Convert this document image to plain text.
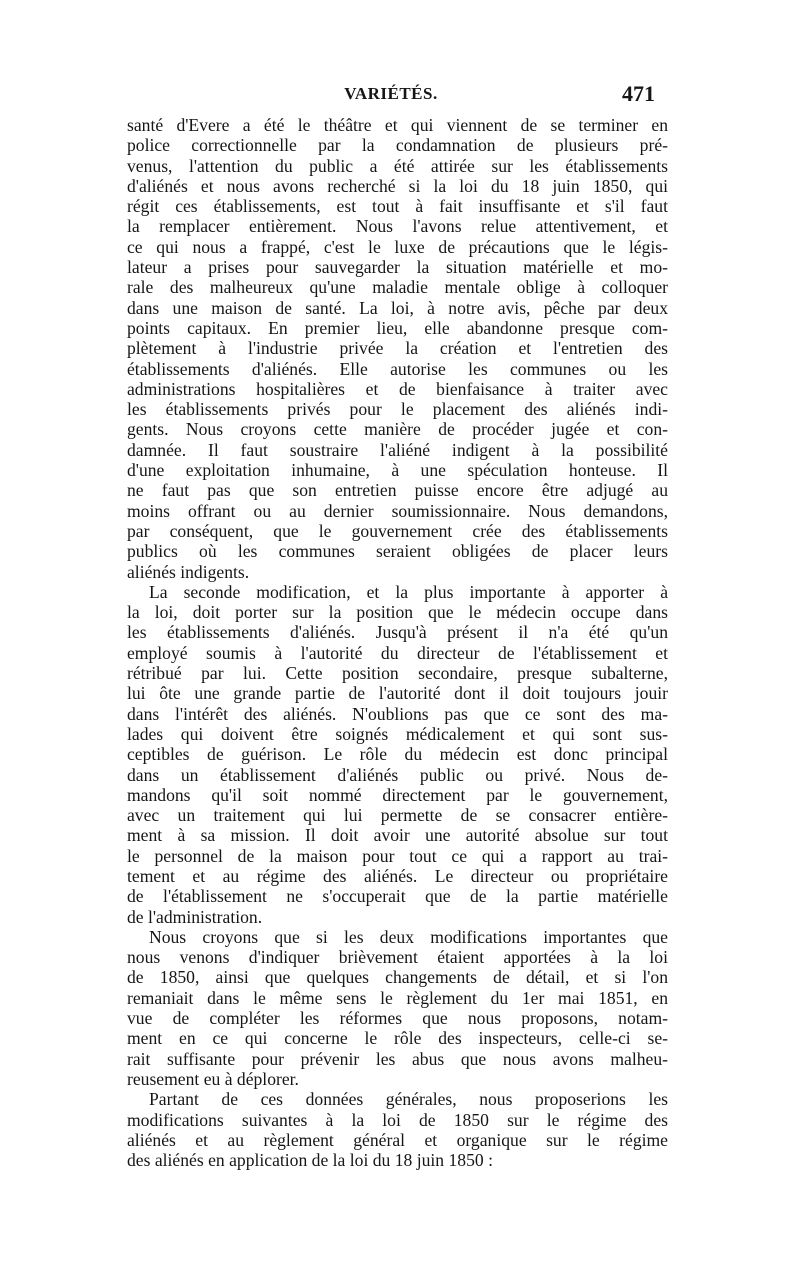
VARIÉTÉS.	471
santé d'Evere a été le théâtre et qui viennent de se terminer en
police correctionnelle par la condamnation de plusieurs pré-
venus, l'attention du public a été attirée sur les établissements
d'aliénés et nous avons recherché si la loi du 18 juin 1850, qui
régit ces établissements, est tout à fait insuffisante et s'il faut
la remplacer entièrement. Nous l'avons relue attentivement, et
ce qui nous a frappé, c'est le luxe de précautions que le légis-
lateur a prises pour sauvegarder la situation matérielle et mo-
rale des malheureux qu'une maladie mentale oblige à colloquer
dans une maison de santé. La loi, à notre avis, pêche par deux
points capitaux. En premier lieu, elle abandonne presque com-
plètement à l'industrie privée la création et l'entretien des
établissements d'aliénés. Elle autorise les communes ou les
administrations hospitalières et de bienfaisance à traiter avec
les établissements privés pour le placement des aliénés indi-
gents. Nous croyons cette manière de procéder jugée et con-
damnée. Il faut soustraire l'aliéné indigent à la possibilité
d'une exploitation inhumaine, à une spéculation honteuse. Il
ne faut pas que son entretien puisse encore être adjugé au
moins offrant ou au dernier soumissionnaire. Nous demandons,
par conséquent, que le gouvernement crée des établissements
publics où les communes seraient obligées de placer leurs
aliénés indigents.
La seconde modification, et la plus importante à apporter à
la loi, doit porter sur la position que le médecin occupe dans
les établissements d'aliénés. Jusqu'à présent il n'a été qu'un
employé soumis à l'autorité du directeur de l'établissement et
rétribué par lui. Cette position secondaire, presque subalterne,
lui ôte une grande partie de l'autorité dont il doit toujours jouir
dans l'intérêt des aliénés. N'oublions pas que ce sont des ma-
lades qui doivent être soignés médicalement et qui sont sus-
ceptibles de guérison. Le rôle du médecin est donc principal
dans un établissement d'aliénés public ou privé. Nous de-
mandons qu'il soit nommé directement par le gouvernement,
avec un traitement qui lui permette de se consacrer entière-
ment à sa mission. Il doit avoir une autorité absolue sur tout
le personnel de la maison pour tout ce qui a rapport au trai-
tement et au régime des aliénés. Le directeur ou propriétaire
de l'établissement ne s'occuperait que de la partie matérielle
de l'administration.
Nous croyons que si les deux modifications importantes que
nous venons d'indiquer brièvement étaient apportées à la loi
de 1850, ainsi que quelques changements de détail, et si l'on
remaniait dans le même sens le règlement du 1er mai 1851, en
vue de compléter les réformes que nous proposons, notam-
ment en ce qui concerne le rôle des inspecteurs, celle-ci se-
rait suffisante pour prévenir les abus que nous avons malheu-
reusement eu à déplorer.
Partant de ces données générales, nous proposerions les
modifications suivantes à la loi de 1850 sur le régime des
aliénés et au règlement général et organique sur le régime
des aliénés en application de la loi du 18 juin 1850 :
